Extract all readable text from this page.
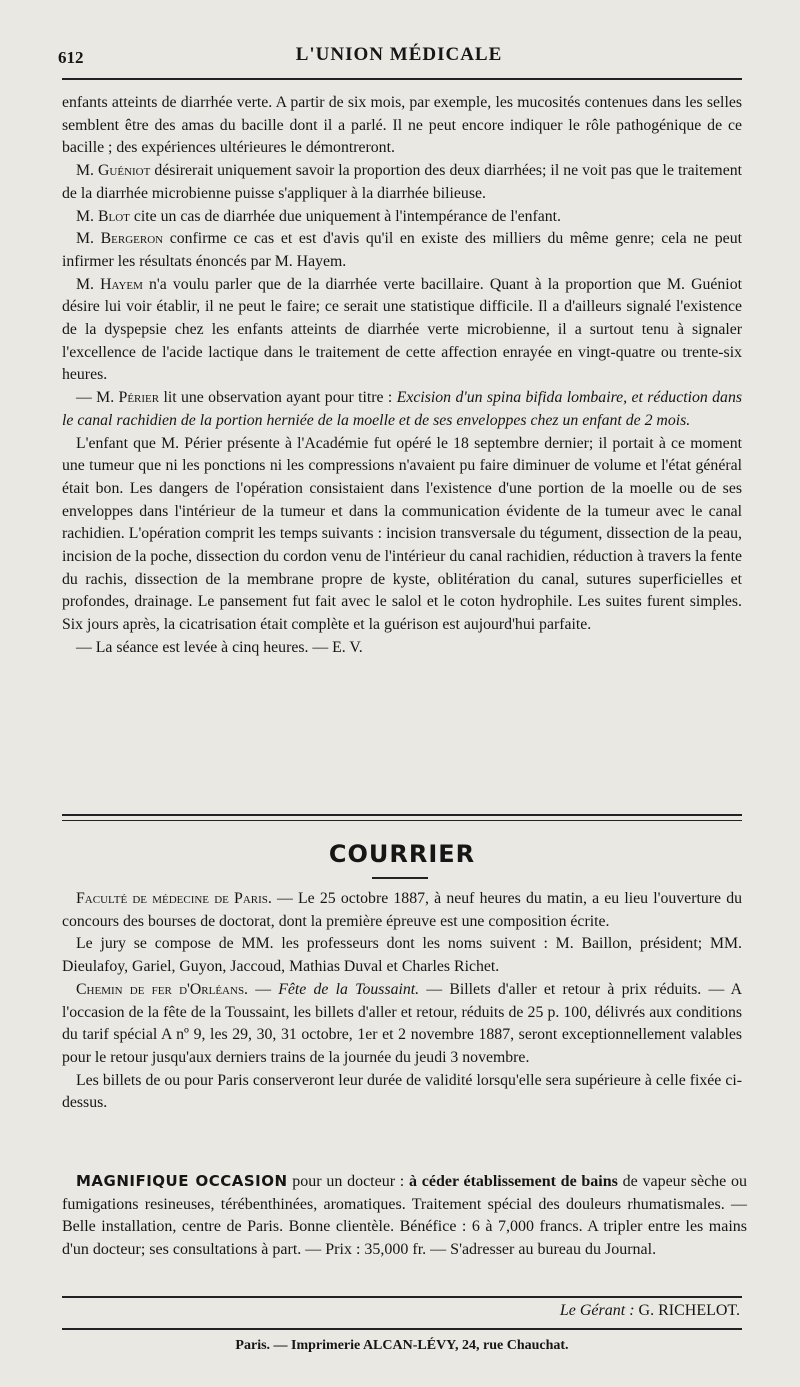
612	L'UNION MÉDICALE

enfants atteints de diarrhée verte. A partir de six mois, par exemple, les mucosités contenues dans les selles semblent être des amas du bacille dont il a parlé. Il ne peut encore indiquer le rôle pathogénique de ce bacille ; des expériences ultérieures le démontreront.

M. Guéniot désirerait uniquement savoir la proportion des deux diarrhées; il ne voit pas que le traitement de la diarrhée microbienne puisse s'appliquer à la diarrhée bilieuse.

M. Blot cite un cas de diarrhée due uniquement à l'intempérance de l'enfant.

M. Bergeron confirme ce cas et est d'avis qu'il en existe des milliers du même genre; cela ne peut infirmer les résultats énoncés par M. Hayem.

M. Hayem n'a voulu parler que de la diarrhée verte bacillaire. Quant à la proportion que M. Guéniot désire lui voir établir, il ne peut le faire; ce serait une statistique difficile. Il a d'ailleurs signalé l'existence de la dyspepsie chez les enfants atteints de diarrhée verte microbienne, il a surtout tenu à signaler l'excellence de l'acide lactique dans le traitement de cette affection enrayée en vingt-quatre ou trente-six heures.

— M. Périer lit une observation ayant pour titre : Excision d'un spina bifida lombaire, et réduction dans le canal rachidien de la portion herniée de la moelle et de ses enveloppes chez un enfant de 2 mois.

L'enfant que M. Périer présente à l'Académie fut opéré le 18 septembre dernier; il portait à ce moment une tumeur que ni les ponctions ni les compressions n'avaient pu faire diminuer de volume et l'état général était bon. Les dangers de l'opération consistaient dans l'existence d'une portion de la moelle ou de ses enveloppes dans l'intérieur de la tumeur et dans la communication évidente de la tumeur avec le canal rachidien. L'opération comprit les temps suivants : incision transversale du tégument, dissection de la peau, incision de la poche, dissection du cordon venu de l'intérieur du canal rachidien, réduction à travers la fente du rachis, dissection de la membrane propre de kyste, oblitération du canal, sutures superficielles et profondes, drainage. Le pansement fut fait avec le salol et le coton hydrophile. Les suites furent simples. Six jours après, la cicatrisation était complète et la guérison est aujourd'hui parfaite.

— La séance est levée à cinq heures. — E. V.

COURRIER

Faculté de médecine de Paris. — Le 25 octobre 1887, à neuf heures du matin, a eu lieu l'ouverture du concours des bourses de doctorat, dont la première épreuve est une composition écrite.

Le jury se compose de MM. les professeurs dont les noms suivent : M. Baillon, président; MM. Dieulafoy, Gariel, Guyon, Jaccoud, Mathias Duval et Charles Richet.

Chemin de fer d'Orléans. — Fête de la Toussaint. — Billets d'aller et retour à prix réduits. — A l'occasion de la fête de la Toussaint, les billets d'aller et retour, réduits de 25 p. 100, délivrés aux conditions du tarif spécial A nº 9, les 29, 30, 31 octobre, 1er et 2 novembre 1887, seront exceptionnellement valables pour le retour jusqu'aux derniers trains de la journée du jeudi 3 novembre.

Les billets de ou pour Paris conserveront leur durée de validité lorsqu'elle sera supérieure à celle fixée ci-dessus.

MAGNIFIQUE OCCASION pour un docteur : à céder établissement de bains de vapeur sèche ou fumigations resineuses, térébenthinées, aromatiques. Traitement spécial des douleurs rhumatismales. — Belle installation, centre de Paris. Bonne clientèle. Bénéfice : 6 à 7,000 francs. A tripler entre les mains d'un docteur; ses consultations à part. — Prix : 35,000 fr. — S'adresser au bureau du Journal.

Le Gérant : G. RICHELOT.
Paris. — Imprimerie ALCAN-LÉVY, 24, rue Chauchat.
